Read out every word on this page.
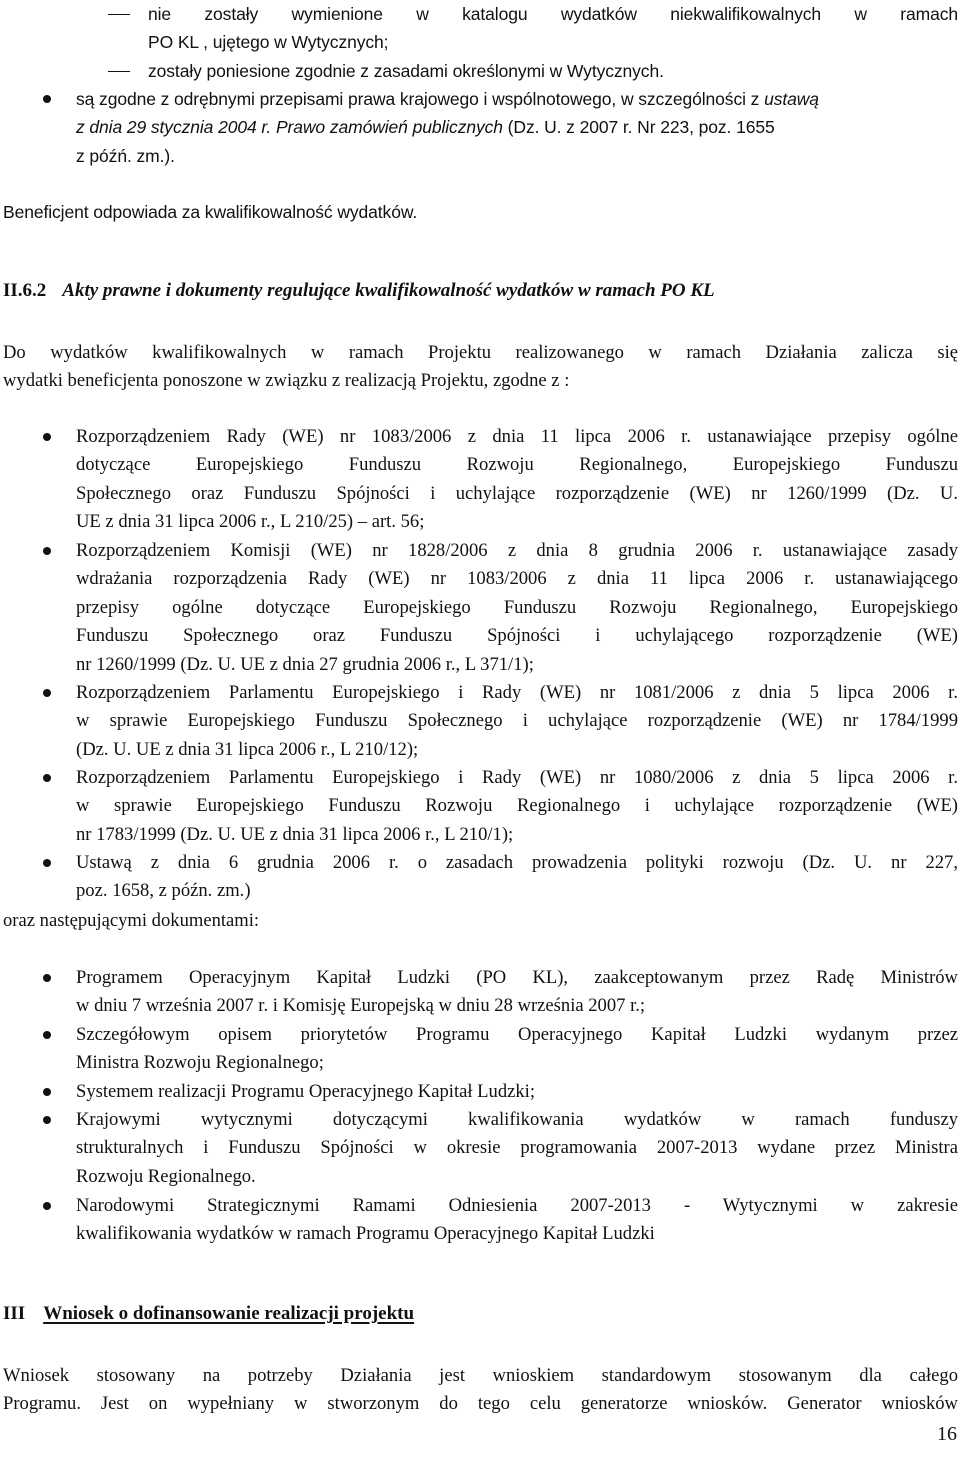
nie zostały wymienione w katalogu wydatków niekwalifikowalnych w ramach
PO KL , ujętego w Wytycznych;
zostały poniesione zgodnie z zasadami określonymi w Wytycznych.
są zgodne z odrębnymi przepisami prawa krajowego i wspólnotowego, w szczególności z ustawą
z dnia 29 stycznia 2004 r. Prawo zamówień publicznych (Dz. U. z 2007 r. Nr 223, poz. 1655
z późń. zm.).
Beneficjent odpowiada za kwalifikowalność wydatków.
II.6.2 Akty prawne i dokumenty regulujące kwalifikowalność wydatków w ramach PO KL
Do wydatków kwalifikowalnych w ramach Projektu realizowanego w ramach Działania zalicza się
wydatki beneficjenta ponoszone w związku z realizacją Projektu, zgodne z :
Rozporządzeniem Rady (WE) nr 1083/2006 z dnia 11 lipca 2006 r. ustanawiające przepisy ogólne
dotyczące Europejskiego Funduszu Rozwoju Regionalnego, Europejskiego Funduszu
Społecznego oraz Funduszu Spójności i uchylające rozporządzenie (WE) nr 1260/1999 (Dz. U.
UE z dnia 31 lipca 2006 r., L 210/25) – art. 56;
Rozporządzeniem Komisji (WE) nr 1828/2006 z dnia 8 grudnia 2006 r. ustanawiające zasady
wdrażania rozporządzenia Rady (WE) nr 1083/2006 z dnia 11 lipca 2006 r. ustanawiającego
przepisy ogólne dotyczące Europejskiego Funduszu Rozwoju Regionalnego, Europejskiego
Funduszu Społecznego oraz Funduszu Spójności i uchylającego rozporządzenie (WE)
nr 1260/1999 (Dz. U. UE z dnia 27 grudnia 2006 r., L 371/1);
Rozporządzeniem Parlamentu Europejskiego i Rady (WE) nr 1081/2006 z dnia 5 lipca 2006 r.
w sprawie Europejskiego Funduszu Społecznego i uchylające rozporządzenie (WE) nr 1784/1999
(Dz. U. UE z dnia 31 lipca 2006 r., L 210/12);
Rozporządzeniem Parlamentu Europejskiego i Rady (WE) nr 1080/2006 z dnia 5 lipca 2006 r.
w sprawie Europejskiego Funduszu Rozwoju Regionalnego i uchylające rozporządzenie (WE)
nr 1783/1999 (Dz. U. UE z dnia 31 lipca 2006 r., L 210/1);
Ustawą z dnia 6 grudnia 2006 r. o zasadach prowadzenia polityki rozwoju (Dz. U. nr 227,
poz. 1658, z późn. zm.)
oraz następującymi dokumentami:
Programem Operacyjnym Kapitał Ludzki (PO KL), zaakceptowanym przez Radę Ministrów
w dniu 7 września 2007 r. i Komisję Europejską w dniu 28 września 2007 r.;
Szczegółowym opisem priorytetów Programu Operacyjnego Kapitał Ludzki wydanym przez
Ministra Rozwoju Regionalnego;
Systemem realizacji Programu Operacyjnego Kapitał Ludzki;
Krajowymi wytycznymi dotyczącymi kwalifikowania wydatków w ramach funduszy
strukturalnych i Funduszu Spójności w okresie programowania 2007-2013 wydane przez Ministra
Rozwoju Regionalnego.
Narodowymi Strategicznymi Ramami Odniesienia 2007-2013 - Wytycznymi w zakresie
kwalifikowania wydatków w ramach Programu Operacyjnego Kapitał Ludzki
III Wniosek o dofinansowanie realizacji projektu
Wniosek stosowany na potrzeby Działania jest wnioskiem standardowym stosowanym dla całego
Programu. Jest on wypełniany w stworzonym do tego celu generatorze wniosków. Generator wniosków
16
